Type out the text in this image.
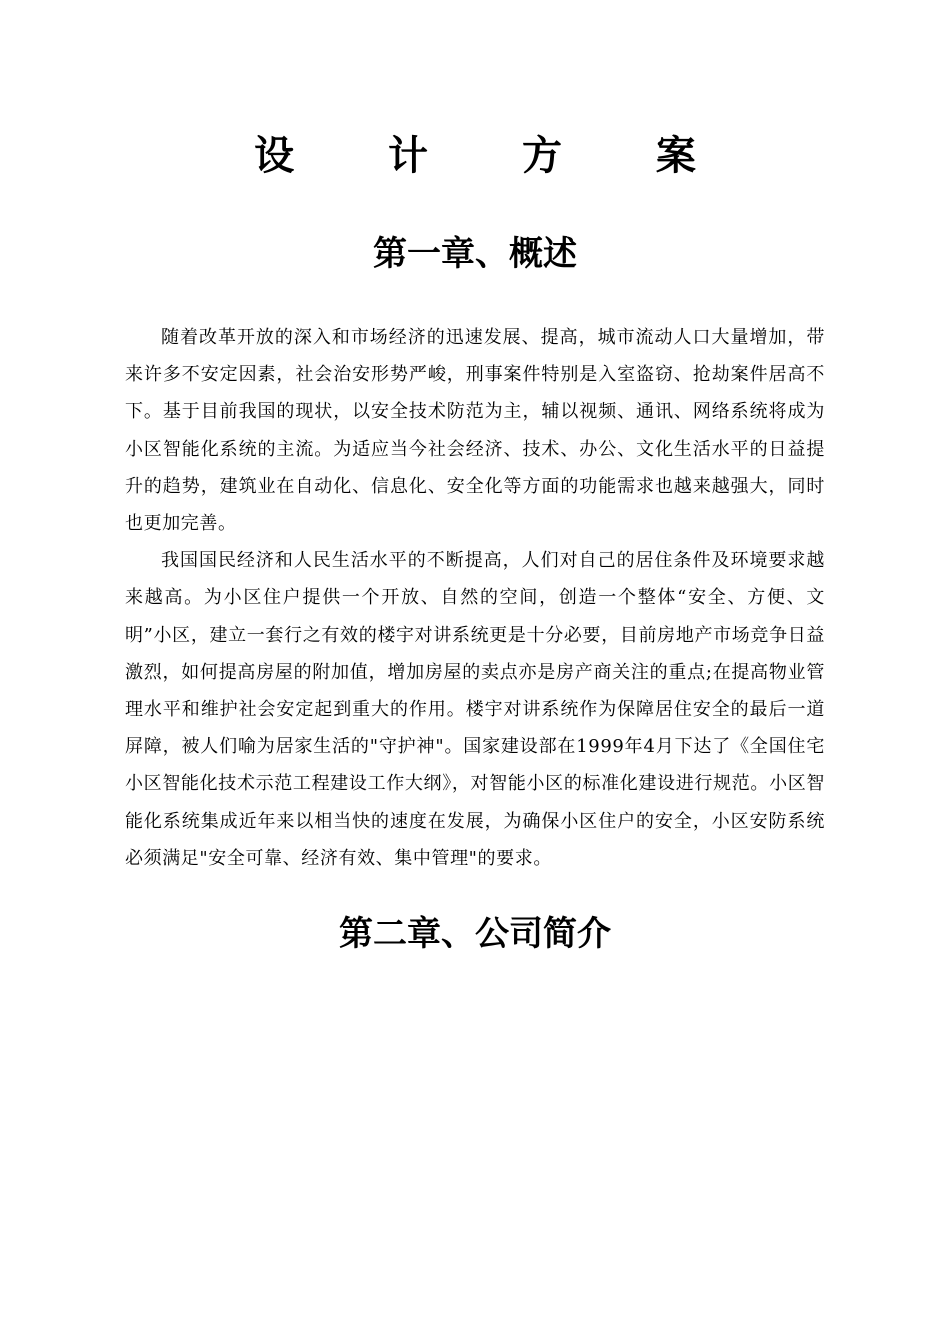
设 计 方 案
第一章、概述

随着改革开放的深入和市场经济的迅速发展、提高，城市流动人口大量增加，带来许多不安定因素，社会治安形势严峻，刑事案件特别是入室盗窃、抢劫案件居高不下。基于目前我国的现状，以安全技术防范为主，辅以视频、通讯、网络系统将成为小区智能化系统的主流。为适应当今社会经济、技术、办公、文化生活水平的日益提升的趋势，建筑业在自动化、信息化、安全化等方面的功能需求也越来越强大，同时也更加完善。

我国国民经济和人民生活水平的不断提高，人们对自己的居住条件及环境要求越来越高。为小区住户提供一个开放、自然的空间，创造一个整体“安全、方便、文明”小区，建立一套行之有效的楼宇对讲系统更是十分必要，目前房地产市场竞争日益激烈，如何提高房屋的附加值，增加房屋的卖点亦是房产商关注的重点;在提高物业管理水平和维护社会安定起到重大的作用。楼宇对讲系统作为保障居住安全的最后一道屏障，被人们喻为居家生活的"守护神"。国家建设部在1999年4月下达了《全国住宅小区智能化技术示范工程建设工作大纲》，对智能小区的标准化建设进行规范。小区智能化系统集成近年来以相当快的速度在发展，为确保小区住户的安全，小区安防系统必须满足"安全可靠、经济有效、集中管理"的要求。

第二章、公司简介
